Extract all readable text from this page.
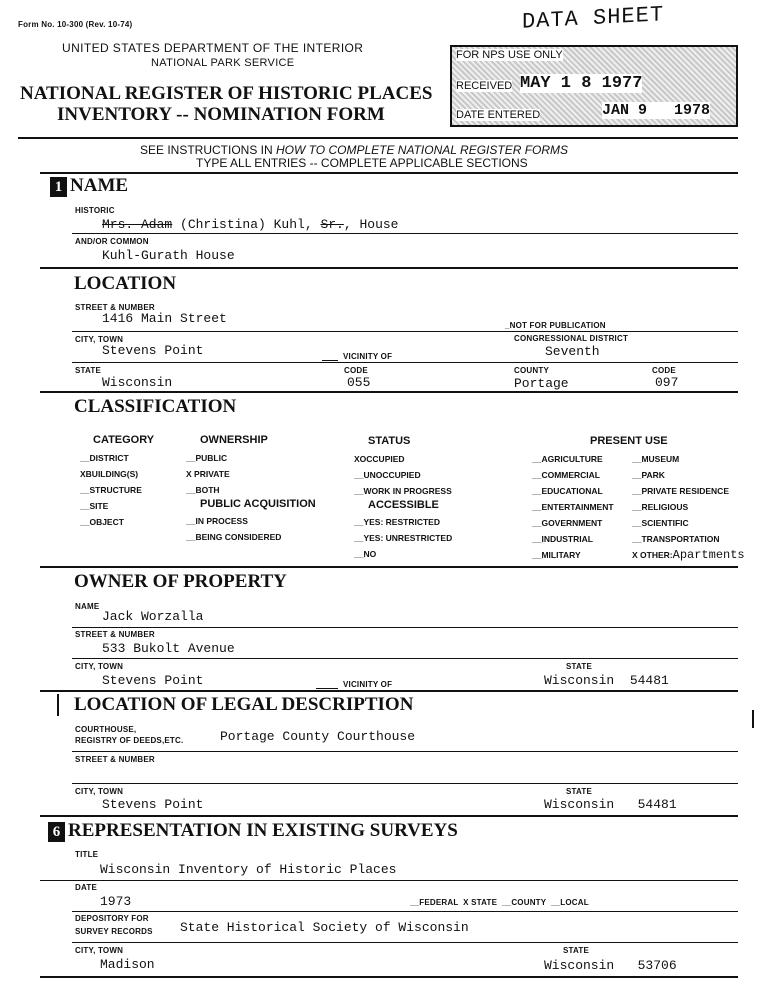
Form No. 10-300 (Rev. 10-74)	DATA SHEET
UNITED STATES DEPARTMENT OF THE INTERIOR
NATIONAL PARK SERVICE
NATIONAL REGISTER OF HISTORIC PLACES
INVENTORY -- NOMINATION FORM
FOR NPS USE ONLY
RECEIVED MAY 1 8 1977
DATE ENTERED	JAN 9   1978
SEE INSTRUCTIONS IN HOW TO COMPLETE NATIONAL REGISTER FORMS
TYPE ALL ENTRIES -- COMPLETE APPLICABLE SECTIONS
1 NAME
HISTORIC
Mrs. Adam (Christina) Kuhl, Sr., House
AND/OR COMMON
Kuhl-Gurath House
LOCATION
STREET & NUMBER
1416 Main Street	_NOT FOR PUBLICATION
CITY, TOWN
Stevens Point	VICINITY OF
CONGRESSIONAL DISTRICT
Seventh
STATE
Wisconsin
CODE
055
COUNTY
Portage
CODE
097
CLASSIFICATION
CATEGORY
__DISTRICT
XBUILDING(S)
__STRUCTURE
__SITE
__OBJECT
OWNERSHIP
__PUBLIC
X PRIVATE
__BOTH
PUBLIC ACQUISITION
__IN PROCESS
__BEING CONSIDERED
STATUS
XOCCUPIED
__UNOCCUPIED
__WORK IN PROGRESS
ACCESSIBLE
__YES: RESTRICTED
__YES: UNRESTRICTED
__NO
PRESENT USE
__AGRICULTURE
__COMMERCIAL
__EDUCATIONAL
__ENTERTAINMENT
__GOVERNMENT
__INDUSTRIAL
__MILITARY
__MUSEUM
__PARK
__PRIVATE RESIDENCE
__RELIGIOUS
__SCIENTIFIC
__TRANSPORTATION
X OTHER:Apartments
OWNER OF PROPERTY
NAME
Jack Worzalla
STREET & NUMBER
533 Bukolt Avenue
CITY, TOWN
Stevens Point	VICINITY OF
STATE
Wisconsin  54481
LOCATION OF LEGAL DESCRIPTION
COURTHOUSE,
REGISTRY OF DEEDS,ETC.	Portage County Courthouse
STREET & NUMBER
CITY, TOWN
Stevens Point
STATE
Wisconsin   54481
6 REPRESENTATION IN EXISTING SURVEYS
TITLE
Wisconsin Inventory of Historic Places
DATE
1973	__FEDERAL  X STATE  __COUNTY  __LOCAL
DEPOSITORY FOR
SURVEY RECORDS State Historical Society of Wisconsin
CITY, TOWN
Madison
STATE
Wisconsin   53706
